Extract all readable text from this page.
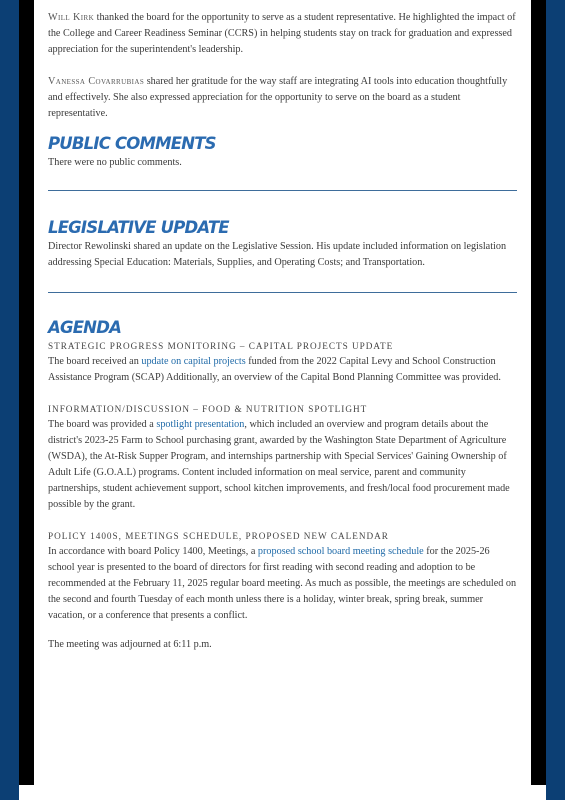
Will Kirk thanked the board for the opportunity to serve as a student representative. He highlighted the impact of the College and Career Readiness Seminar (CCRS) in helping students stay on track for graduation and expressed appreciation for the superintendent's leadership.

Vanessa Covarrubias shared her gratitude for the way staff are integrating AI tools into education thoughtfully and effectively. She also expressed appreciation for the opportunity to serve on the board as a student representative.

PUBLIC COMMENTS

There were no public comments.

LEGISLATIVE UPDATE

Director Rewolinski shared an update on the Legislative Session. His update included information on legislation addressing Special Education: Materials, Supplies, and Operating Costs; and Transportation.

AGENDA
STRATEGIC PROGRESS MONITORING – CAPITAL PROJECTS UPDATE

The board received an update on capital projects funded from the 2022 Capital Levy and School Construction Assistance Program (SCAP) Additionally, an overview of the Capital Bond Planning Committee was provided.

INFORMATION/DISCUSSION – FOOD & NUTRITION SPOTLIGHT

The board was provided a spotlight presentation, which included an overview and program details about the district's 2023-25 Farm to School purchasing grant, awarded by the Washington State Department of Agriculture (WSDA), the At-Risk Supper Program, and internships partnership with Special Services' Gaining Ownership of Adult Life (G.O.A.L) programs. Content included information on meal service, parent and community partnerships, student achievement support, school kitchen improvements, and fresh/local food procurement made possible by the grant.

POLICY 1400S, MEETINGS SCHEDULE, PROPOSED NEW CALENDAR

In accordance with board Policy 1400, Meetings, a proposed school board meeting schedule for the 2025-26 school year is presented to the board of directors for first reading with second reading and adoption to be recommended at the February 11, 2025 regular board meeting. As much as possible, the meetings are scheduled on the second and fourth Tuesday of each month unless there is a holiday, winter break, spring break, summer vacation, or a conference that presents a conflict.

The meeting was adjourned at 6:11 p.m.
